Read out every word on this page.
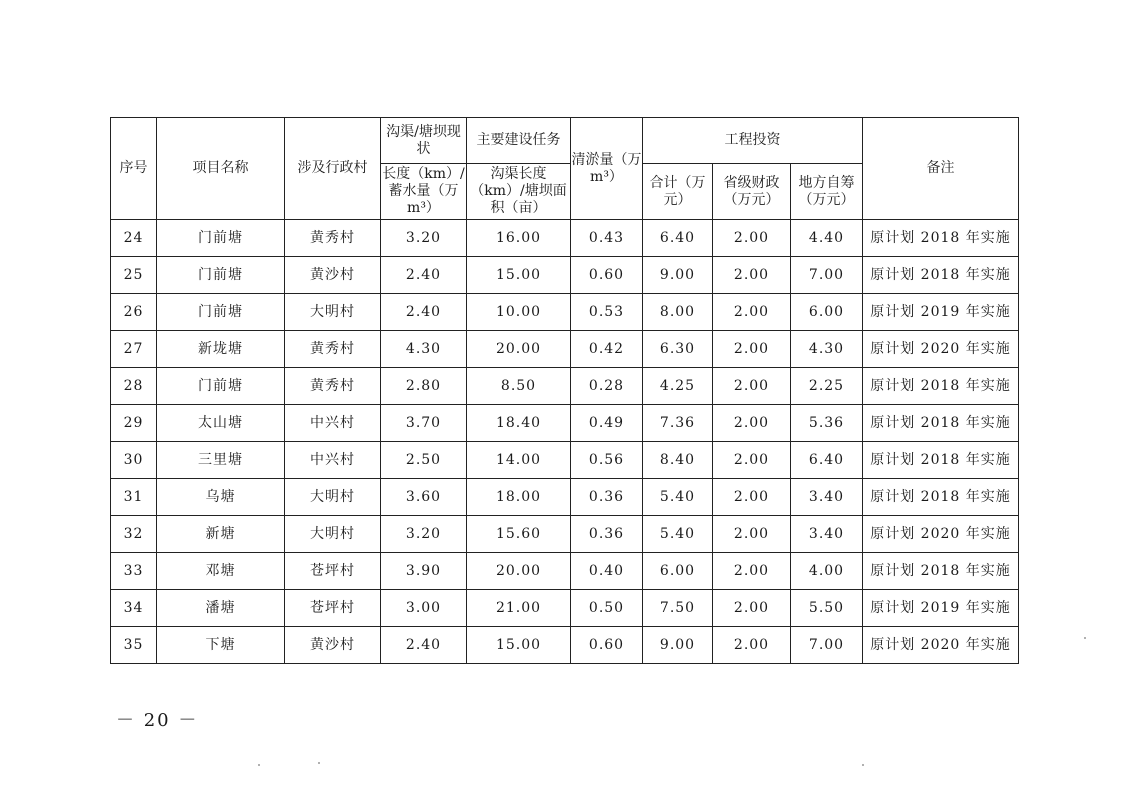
序号	项目名称	涉及行政村	沟渠/塘坝现状	主要建设任务	清淤量（万m³）	工程投资			备注
			长度（km）/蓄水量（万m³）	沟渠长度（km）/塘坝面积（亩）		合计（万元）	省级财政（万元）	地方自筹（万元）	
24	门前塘	黄秀村	3.20	16.00	0.43	6.40	2.00	4.40	原计划 2018 年实施
25	门前塘	黄沙村	2.40	15.00	0.60	9.00	2.00	7.00	原计划 2018 年实施
26	门前塘	大明村	2.40	10.00	0.53	8.00	2.00	6.00	原计划 2019 年实施
27	新垅塘	黄秀村	4.30	20.00	0.42	6.30	2.00	4.30	原计划 2020 年实施
28	门前塘	黄秀村	2.80	8.50	0.28	4.25	2.00	2.25	原计划 2018 年实施
29	太山塘	中兴村	3.70	18.40	0.49	7.36	2.00	5.36	原计划 2018 年实施
30	三里塘	中兴村	2.50	14.00	0.56	8.40	2.00	6.40	原计划 2018 年实施
31	乌塘	大明村	3.60	18.00	0.36	5.40	2.00	3.40	原计划 2018 年实施
32	新塘	大明村	3.20	15.60	0.36	5.40	2.00	3.40	原计划 2020 年实施
33	邓塘	苍坪村	3.90	20.00	0.40	6.00	2.00	4.00	原计划 2018 年实施
34	潘塘	苍坪村	3.00	21.00	0.50	7.50	2.00	5.50	原计划 2019 年实施
35	下塘	黄沙村	2.40	15.00	0.60	9.00	2.00	7.00	原计划 2020 年实施
－ 20 －
